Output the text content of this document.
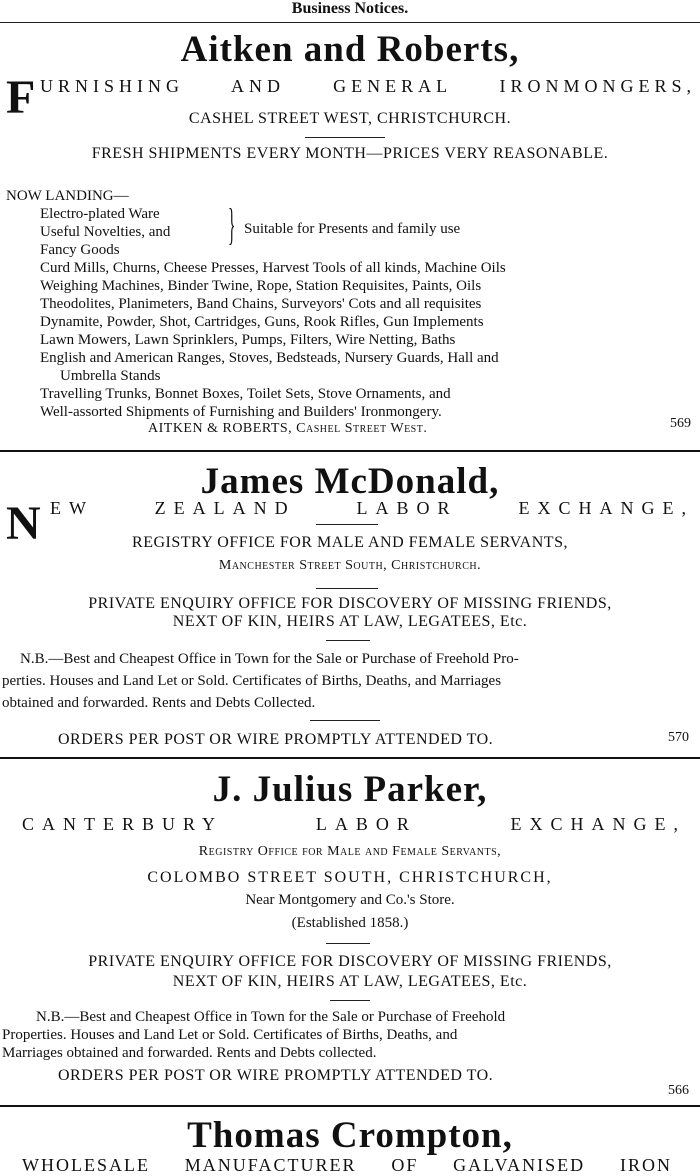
Business Notices.
Aitken and Roberts,
F URNISHING AND GENERAL IRONMONGERS,
CASHEL STREET WEST, CHRISTCHURCH.
FRESH SHIPMENTS EVERY MONTH—PRICES VERY REASONABLE.
NOW LANDING—
Electro-plated Ware
Useful Novelties, and
Fancy Goods
} Suitable for Presents and family use
Curd Mills, Churns, Cheese Presses, Harvest Tools of all kinds, Machine Oils
Weighing Machines, Binder Twine, Rope, Station Requisites, Paints, Oils
Theodolites, Planimeters, Band Chains, Surveyors' Cots and all requisites
Dynamite, Powder, Shot, Cartridges, Guns, Rook Rifles, Gun Implements
Lawn Mowers, Lawn Sprinklers, Pumps, Filters, Wire Netting, Baths
English and American Ranges, Stoves, Bedsteads, Nursery Guards, Hall and
Umbrella Stands
Travelling Trunks, Bonnet Boxes, Toilet Sets, Stove Ornaments, and
Well-assorted Shipments of Furnishing and Builders' Ironmongery.
AITKEN & ROBERTS, Cashel Street West.	569
James McDonald,
N EW ZEALAND LABOR EXCHANGE,
REGISTRY OFFICE FOR MALE AND FEMALE SERVANTS,
Manchester Street South, Christchurch.
PRIVATE ENQUIRY OFFICE FOR DISCOVERY OF MISSING FRIENDS,
NEXT OF KIN, HEIRS AT LAW, LEGATEES, Etc.
N.B.—Best and Cheapest Office in Town for the Sale or Purchase of Freehold Pro-
perties. Houses and Land Let or Sold. Certificates of Births, Deaths, and Marriages
obtained and forwarded. Rents and Debts Collected.
ORDERS PER POST OR WIRE PROMPTLY ATTENDED TO.	570
J. Julius Parker,
CANTERBURY LABOR EXCHANGE,
Registry Office for Male and Female Servants,
COLOMBO STREET SOUTH, CHRISTCHURCH,
Near Montgomery and Co.'s Store.
(Established 1858.)
PRIVATE ENQUIRY OFFICE FOR DISCOVERY OF MISSING FRIENDS,
NEXT OF KIN, HEIRS AT LAW, LEGATEES, Etc.
N.B.—Best and Cheapest Office in Town for the Sale or Purchase of Freehold
Properties. Houses and Land Let or Sold. Certificates of Births, Deaths, and
Marriages obtained and forwarded. Rents and Debts collected.
ORDERS PER POST OR WIRE PROMPTLY ATTENDED TO.
566
Thomas Crompton,
WHOLESALE MANUFACTURER OF GALVANISED IRON
